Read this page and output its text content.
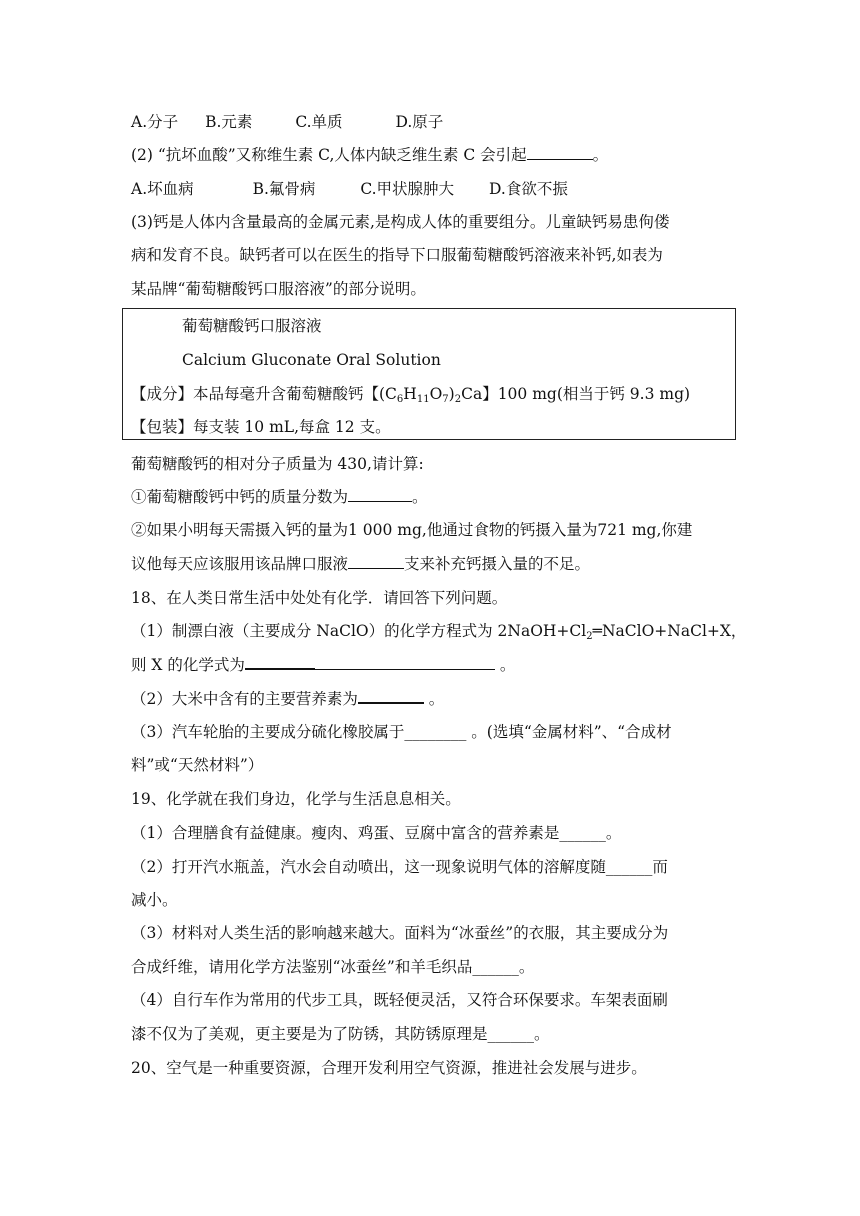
A.分子 B.元素	C.单质	D.原子
(2) “抗坏血酸”又称维生素 C,人体内缺乏维生素 C 会引起	。
A.坏血病	B.氟骨病	C.甲状腺肿大 D.食欲不振
(3)钙是人体内含量最高的金属元素,是构成人体的重要组分。儿童缺钙易患佝偻
病和发育不良。缺钙者可以在医生的指导下口服葡萄糖酸钙溶液来补钙,如表为
某品牌“葡萄糖酸钙口服溶液”的部分说明。
葡萄糖酸钙口服溶液
Calcium Gluconate Oral Solution
【成分】本品每毫升含葡萄糖酸钙【$(C_6H_{11}O_7)_2Ca$】100 mg(相当于钙 9.3 mg)
【包装】每支装 10 mL,每盒 12 支。
葡萄糖酸钙的相对分子质量为 430,请计算:
①葡萄糖酸钙中钙的质量分数为	。
②如果小明每天需摄入钙的量为1 000 mg,他通过食物的钙摄入量为721 mg,你建
议他每天应该服用该品牌口服液	支来补充钙摄入量的不足。
18、在人类日常生活中处处有化学．请回答下列问题。
（1）制漂白液（主要成分 NaClO）的化学方程式为 $2NaOH+Cl_2═NaClO+NaCl+X$，
则 X 的化学式为	。
（2）大米中含有的主要营养素为	。
（3）汽车轮胎的主要成分硫化橡胶属于________ 。(选填“金属材料”、“合成材
料”或“天然材料”）
19、化学就在我们身边，化学与生活息息相关。
（1）合理膳食有益健康。瘦肉、鸡蛋、豆腐中富含的营养素是______。
（2）打开汽水瓶盖，汽水会自动喷出，这一现象说明气体的溶解度随______而
减小。
（3）材料对人类生活的影响越来越大。面料为“冰蚕丝”的衣服，其主要成分为
合成纤维，请用化学方法鉴别“冰蚕丝”和羊毛织品______。
（4）自行车作为常用的代步工具，既轻便灵活，又符合环保要求。车架表面刷
漆不仅为了美观，更主要是为了防锈，其防锈原理是______。
20、空气是一种重要资源，合理开发利用空气资源，推进社会发展与进步。
